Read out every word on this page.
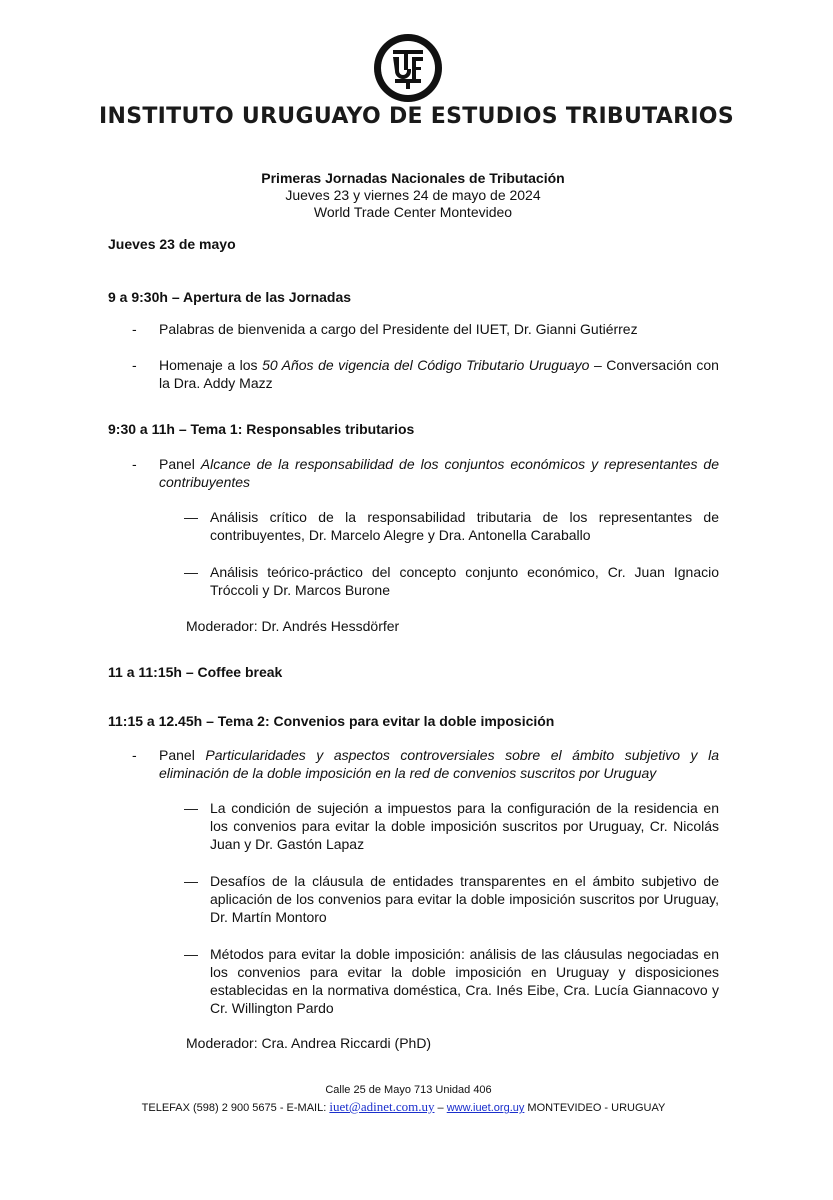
INSTITUTO URUGUAYO DE ESTUDIOS TRIBUTARIOS
Primeras Jornadas Nacionales de Tributación
Jueves 23 y viernes 24 de mayo de 2024
World Trade Center Montevideo
Jueves 23 de mayo
9 a 9:30h – Apertura de las Jornadas
- Palabras de bienvenida a cargo del Presidente del IUET, Dr. Gianni Gutiérrez
- Homenaje a los 50 Años de vigencia del Código Tributario Uruguayo – Conversación con la Dra. Addy Mazz
9:30 a 11h – Tema 1: Responsables tributarios
- Panel Alcance de la responsabilidad de los conjuntos económicos y representantes de contribuyentes
— Análisis crítico de la responsabilidad tributaria de los representantes de contribuyentes, Dr. Marcelo Alegre y Dra. Antonella Caraballo
— Análisis teórico-práctico del concepto conjunto económico, Cr. Juan Ignacio Tróccoli y Dr. Marcos Burone
Moderador: Dr. Andrés Hessdörfer
11 a 11:15h – Coffee break
11:15 a 12.45h – Tema 2: Convenios para evitar la doble imposición
- Panel Particularidades y aspectos controversiales sobre el ámbito subjetivo y la eliminación de la doble imposición en la red de convenios suscritos por Uruguay
— La condición de sujeción a impuestos para la configuración de la residencia en los convenios para evitar la doble imposición suscritos por Uruguay, Cr. Nicolás Juan y Dr. Gastón Lapaz
— Desafíos de la cláusula de entidades transparentes en el ámbito subjetivo de aplicación de los convenios para evitar la doble imposición suscritos por Uruguay, Dr. Martín Montoro
— Métodos para evitar la doble imposición: análisis de las cláusulas negociadas en los convenios para evitar la doble imposición en Uruguay y disposiciones establecidas en la normativa doméstica, Cra. Inés Eibe, Cra. Lucía Giannacovo y Cr. Willington Pardo
Moderador: Cra. Andrea Riccardi (PhD)
Calle 25 de Mayo 713 Unidad 406
TELEFAX (598) 2 900 5675 - E-MAIL: iuet@adinet.com.uy – www.iuet.org.uy MONTEVIDEO - URUGUAY
